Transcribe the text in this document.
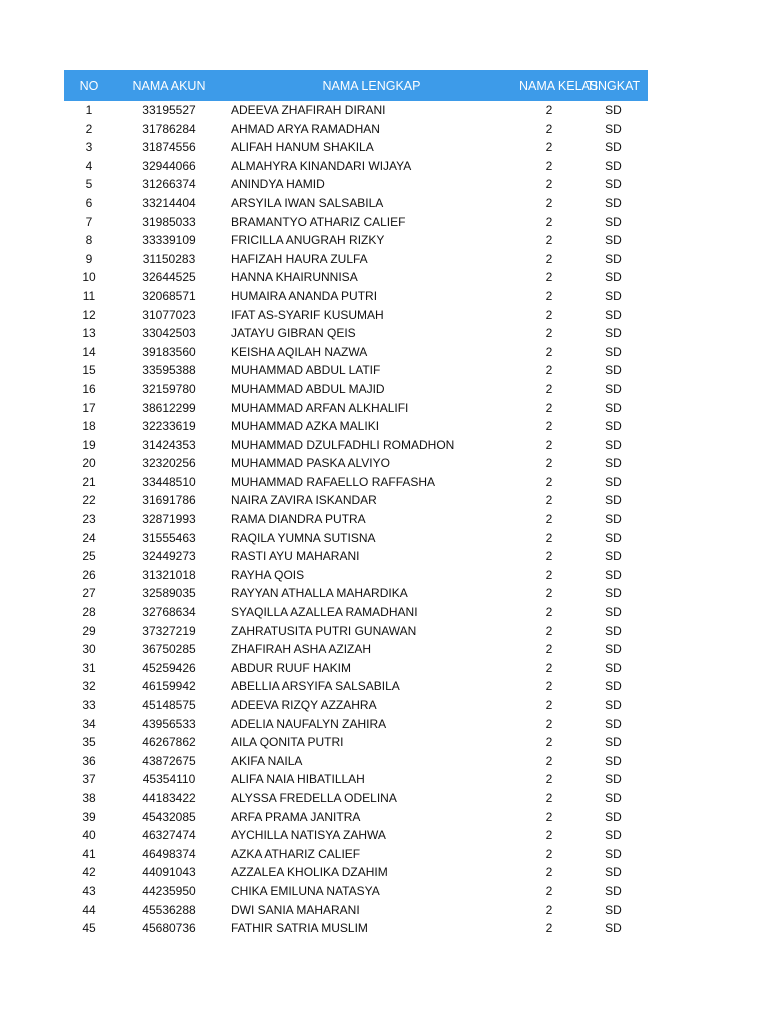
NO	NAMA AKUN	NAMA LENGKAP	NAMA KELAS	TINGKAT
1	33195527	ADEEVA ZHAFIRAH DIRANI	2	SD
2	31786284	AHMAD ARYA RAMADHAN	2	SD
3	31874556	ALIFAH HANUM SHAKILA	2	SD
4	32944066	ALMAHYRA KINANDARI WIJAYA	2	SD
5	31266374	ANINDYA HAMID	2	SD
6	33214404	ARSYILA IWAN SALSABILA	2	SD
7	31985033	BRAMANTYO ATHARIZ CALIEF	2	SD
8	33339109	FRICILLA ANUGRAH RIZKY	2	SD
9	31150283	HAFIZAH HAURA ZULFA	2	SD
10	32644525	HANNA KHAIRUNNISA	2	SD
11	32068571	HUMAIRA ANANDA PUTRI	2	SD
12	31077023	IFAT AS-SYARIF KUSUMAH	2	SD
13	33042503	JATAYU GIBRAN QEIS	2	SD
14	39183560	KEISHA AQILAH NAZWA	2	SD
15	33595388	MUHAMMAD ABDUL LATIF	2	SD
16	32159780	MUHAMMAD ABDUL MAJID	2	SD
17	38612299	MUHAMMAD ARFAN ALKHALIFI	2	SD
18	32233619	MUHAMMAD AZKA MALIKI	2	SD
19	31424353	MUHAMMAD DZULFADHLI ROMADHON	2	SD
20	32320256	MUHAMMAD PASKA ALVIYO	2	SD
21	33448510	MUHAMMAD RAFAELLO RAFFASHA	2	SD
22	31691786	NAIRA ZAVIRA ISKANDAR	2	SD
23	32871993	RAMA DIANDRA PUTRA	2	SD
24	31555463	RAQILA YUMNA SUTISNA	2	SD
25	32449273	RASTI AYU MAHARANI	2	SD
26	31321018	RAYHA QOIS	2	SD
27	32589035	RAYYAN ATHALLA MAHARDIKA	2	SD
28	32768634	SYAQILLA AZALLEA RAMADHANI	2	SD
29	37327219	ZAHRATUSITA PUTRI GUNAWAN	2	SD
30	36750285	ZHAFIRAH ASHA AZIZAH	2	SD
31	45259426	ABDUR RUUF HAKIM	2	SD
32	46159942	ABELLIA ARSYIFA SALSABILA	2	SD
33	45148575	ADEEVA RIZQY AZZAHRA	2	SD
34	43956533	ADELIA NAUFALYN ZAHIRA	2	SD
35	46267862	AILA QONITA PUTRI	2	SD
36	43872675	AKIFA NAILA	2	SD
37	45354110	ALIFA NAIA HIBATILLAH	2	SD
38	44183422	ALYSSA FREDELLA ODELINA	2	SD
39	45432085	ARFA PRAMA JANITRA	2	SD
40	46327474	AYCHILLA NATISYA ZAHWA	2	SD
41	46498374	AZKA ATHARIZ CALIEF	2	SD
42	44091043	AZZALEA KHOLIKA DZAHIM	2	SD
43	44235950	CHIKA EMILUNA NATASYA	2	SD
44	45536288	DWI SANIA MAHARANI	2	SD
45	45680736	FATHIR SATRIA MUSLIM	2	SD
